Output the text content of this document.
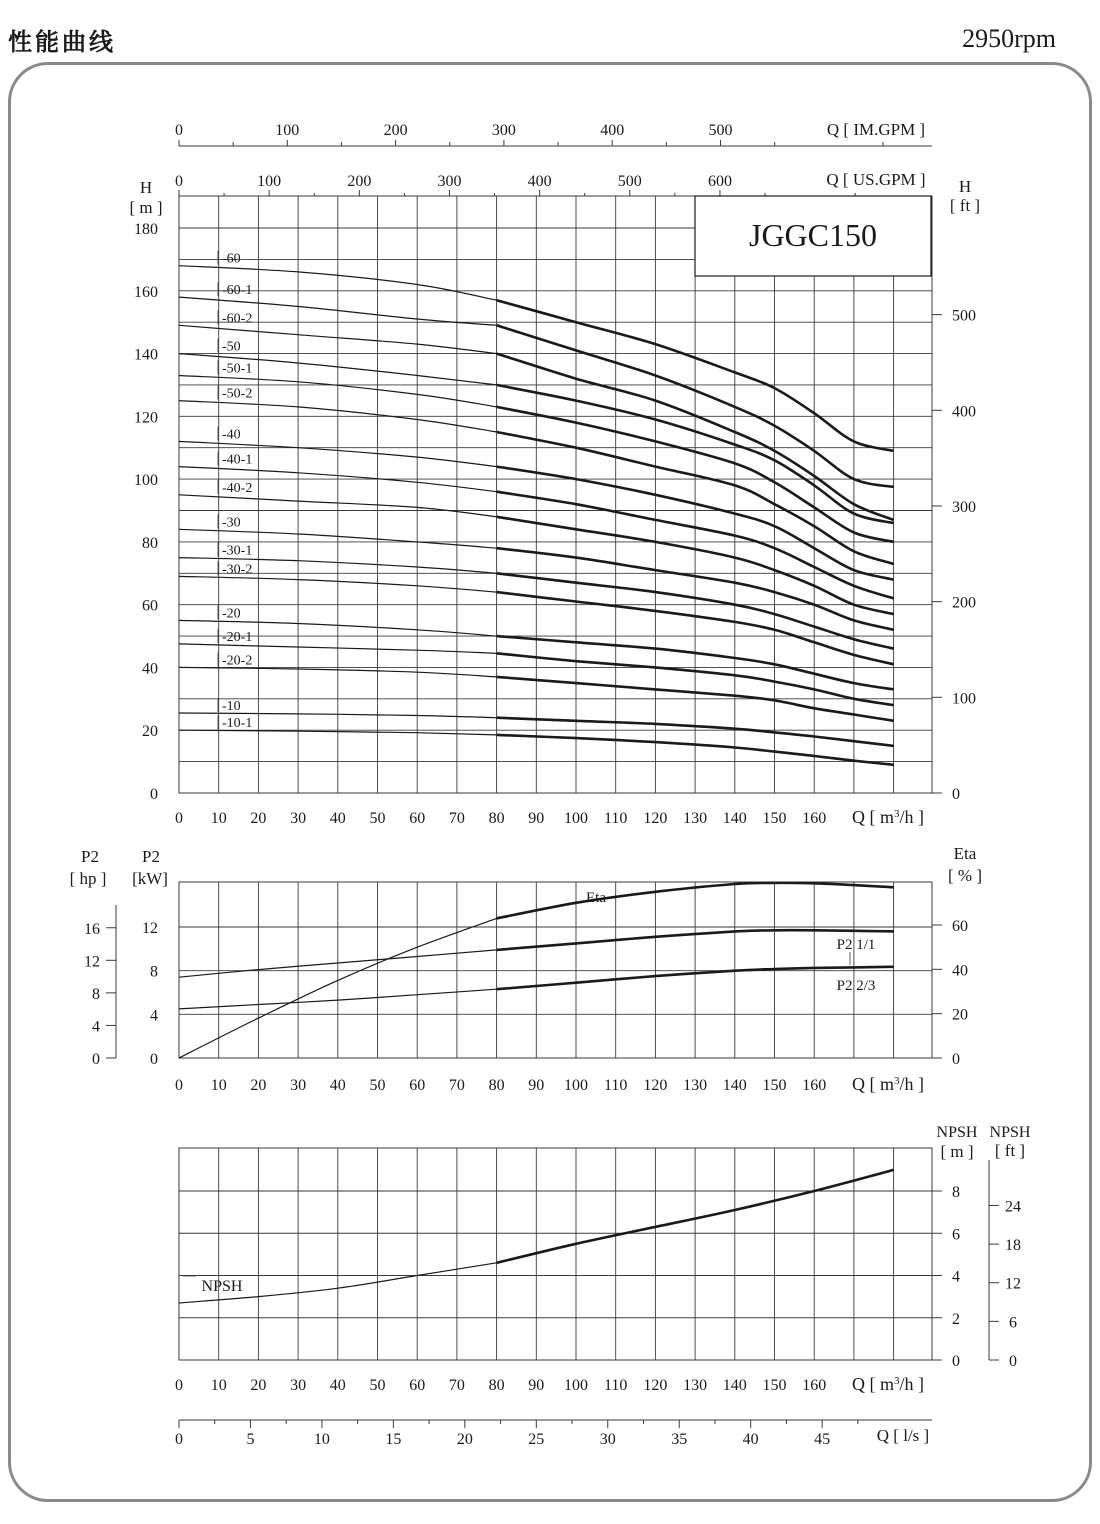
性能曲线	2950rpm
0 10 20 30 40 50 60 70 80 90 100 110 120 130 140 150 160 Q [ $m^3/h$ ]
0
20
40
60
80
100
120
140
160
180
H
[ m ]
0
100
200
300
400
500
H
[ ft ]
0	100	200	300	400	500	Q [ IM.GPM ]
0	100	200	300	400	500	600	Q [ US.GPM ]
-60
-60-1
-60-2
-50
-50-1
-50-2
-40
-40-1
-40-2
-30
-30-1
-30-2
-20
-20-1
-20-2
-10
-10-1
0 10 20 30 40 50 60 70 80 90 100 110 120 130 140 150 160 Q [ $m^3/h$ ]
0
4
8
12
P2
[kW]
0
4
8
12
16
P2
[ hp ]
0
20
40
60
Eta
[ % ]
Eta
P2 1/1
P2 2/3
0 10 20 30 40 50 60 70 80 90 100 110 120 130 140 150 160 Q [ $m^3/h$ ]
0
2
4
6
8
NPSH
[ m ]
0
6
12
18
24
NPSH
[ ft ]
NPSH
0	5	10	15	20	25	30	35	40	45	Q [ l/s ]
JGGC150
